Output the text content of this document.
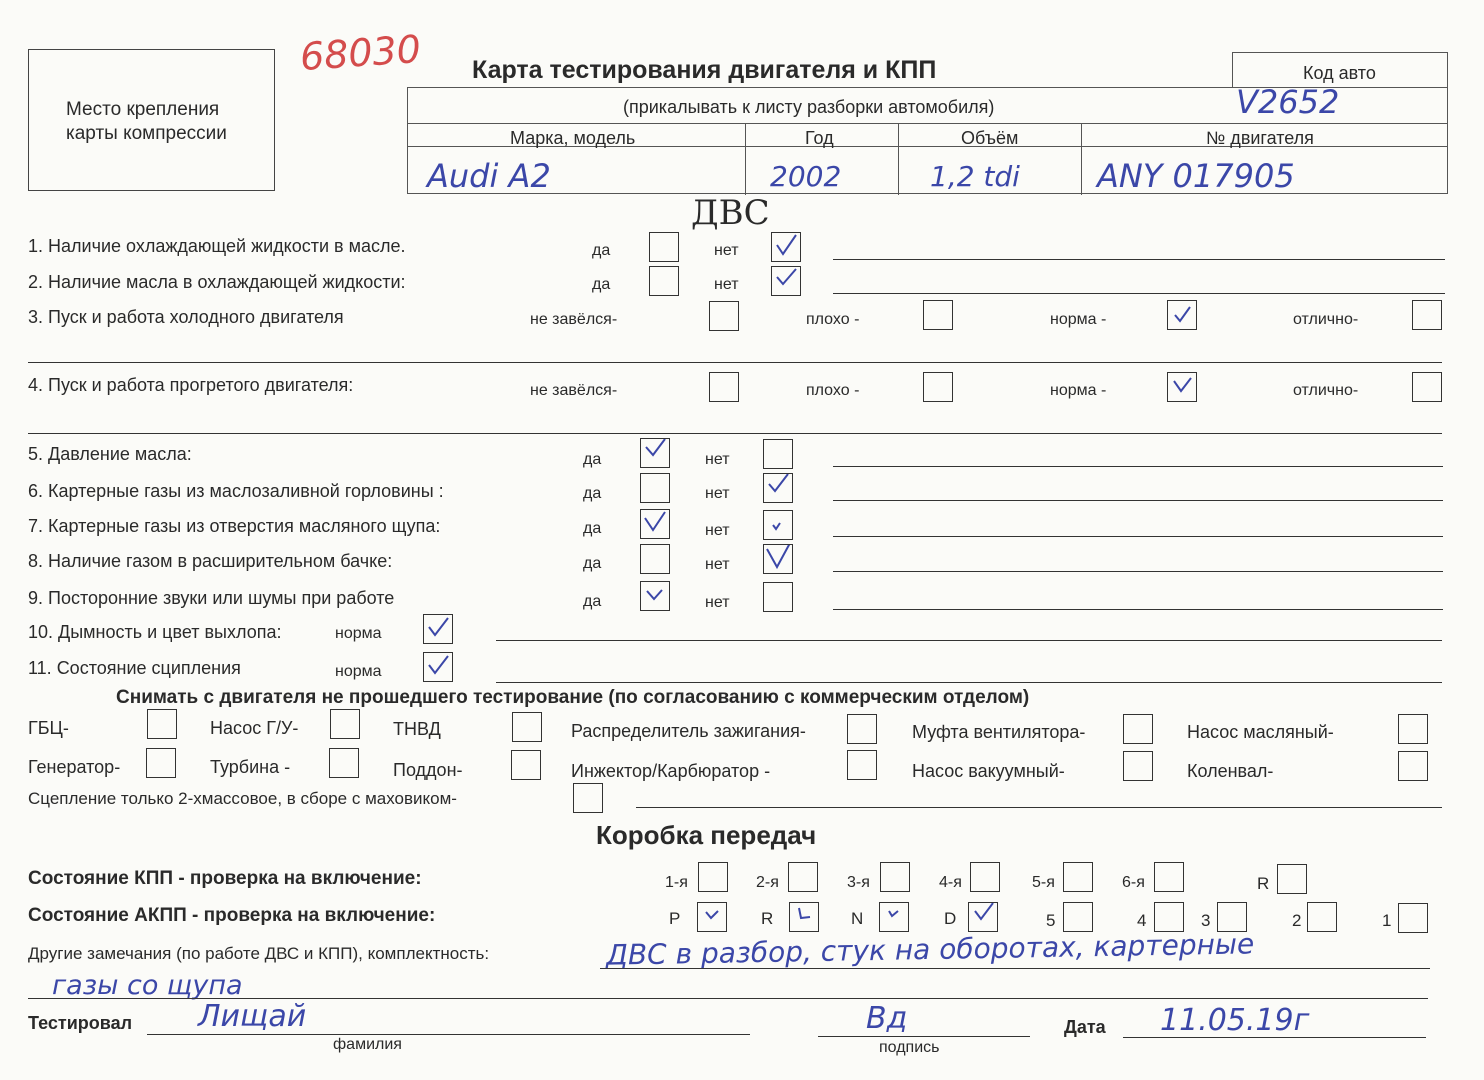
Место крепления
карты компрессии
68030 Карта тестирования двигателя и КПП	Код авто
(прикалывать к листу разборки автомобиля)
Марка, модель	Год	Объём	№ двигателя
V2652
Audi A2	2002	1,2 tdi ANY 017905
ДВС
1. Наличие охлаждающей жидкости в масле.	да	нет
2. Наличие масла в охлаждающей жидкости:	да	нет
3. Пуск и работа холодного двигателя	не завёлся-	плохо -	норма -	отлично-
4. Пуск и работа прогретого двигателя:	не завёлся-	плохо -	норма -	отлично-
5. Давление масла:	да	нет
6. Картерные газы из маслозаливной горловины :	да	нет
7. Картерные газы из отверстия масляного щупа:	да	нет
8. Наличие газом в расширительном бачке:	да	нет
9. Посторонние звуки или шумы при работе	да	нет
10. Дымность и цвет выхлопа:	норма
11. Состояние сципления	норма
Снимать с двигателя не прошедшего тестирование (по согласованию с коммерческим отделом)
ГБЦ-	Насос Г/У-	ТНВД	Распределитель зажигания-	Муфта вентилятора-	Насос масляный-
Генератор-	Турбина -	Поддон-	Инжектор/Карбюратор -	Насос вакуумный-	Коленвал-
Сцепление только 2-хмассовое, в сборе с маховиком-
Коробка передач
Состояние КПП - проверка на включение:	1-я	2-я	3-я	4-я	5-я	6-я	R
Состояние АКПП - проверка на включение:	P	R	N	D	5	4	3	2	1
Другие замечания (по работе ДВС и КПП), комплектность:	ДВС в разбор, стук на оборотах, картерные
газы со щупа
Тестировал Лищай
фамилия
Вд
подпись
Дата 11.05.19г
